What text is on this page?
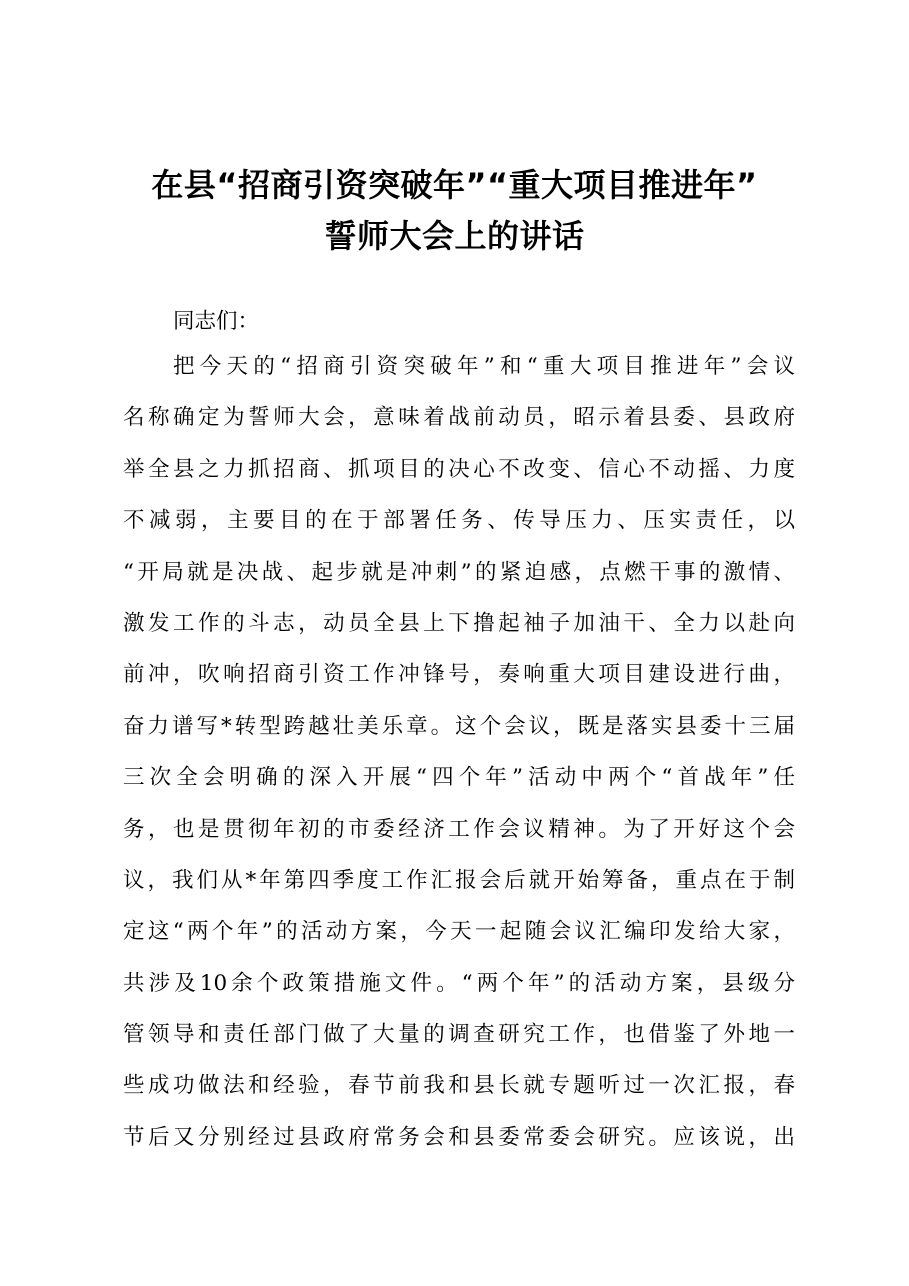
在县“招商引资突破年”“重大项目推进年”
誓师大会上的讲话
同志们：
把今天的“招商引资突破年”和“重大项目推进年”会议
名称确定为誓师大会，意味着战前动员，昭示着县委、县政府
举全县之力抓招商、抓项目的决心不改变、信心不动摇、力度
不减弱，主要目的在于部署任务、传导压力、压实责任，以
“开局就是决战、起步就是冲刺”的紧迫感，点燃干事的激情、
激发工作的斗志，动员全县上下撸起袖子加油干、全力以赴向
前冲，吹响招商引资工作冲锋号，奏响重大项目建设进行曲，
奋力谱写*转型跨越壮美乐章。这个会议，既是落实县委十三届
三次全会明确的深入开展“四个年”活动中两个“首战年”任
务，也是贯彻年初的市委经济工作会议精神。为了开好这个会
议，我们从*年第四季度工作汇报会后就开始筹备，重点在于制
定这“两个年”的活动方案，今天一起随会议汇编印发给大家，
共涉及10余个政策措施文件。“两个年”的活动方案，县级分
管领导和责任部门做了大量的调查研究工作，也借鉴了外地一
些成功做法和经验，春节前我和县长就专题听过一次汇报，春
节后又分别经过县政府常务会和县委常委会研究。应该说，出
